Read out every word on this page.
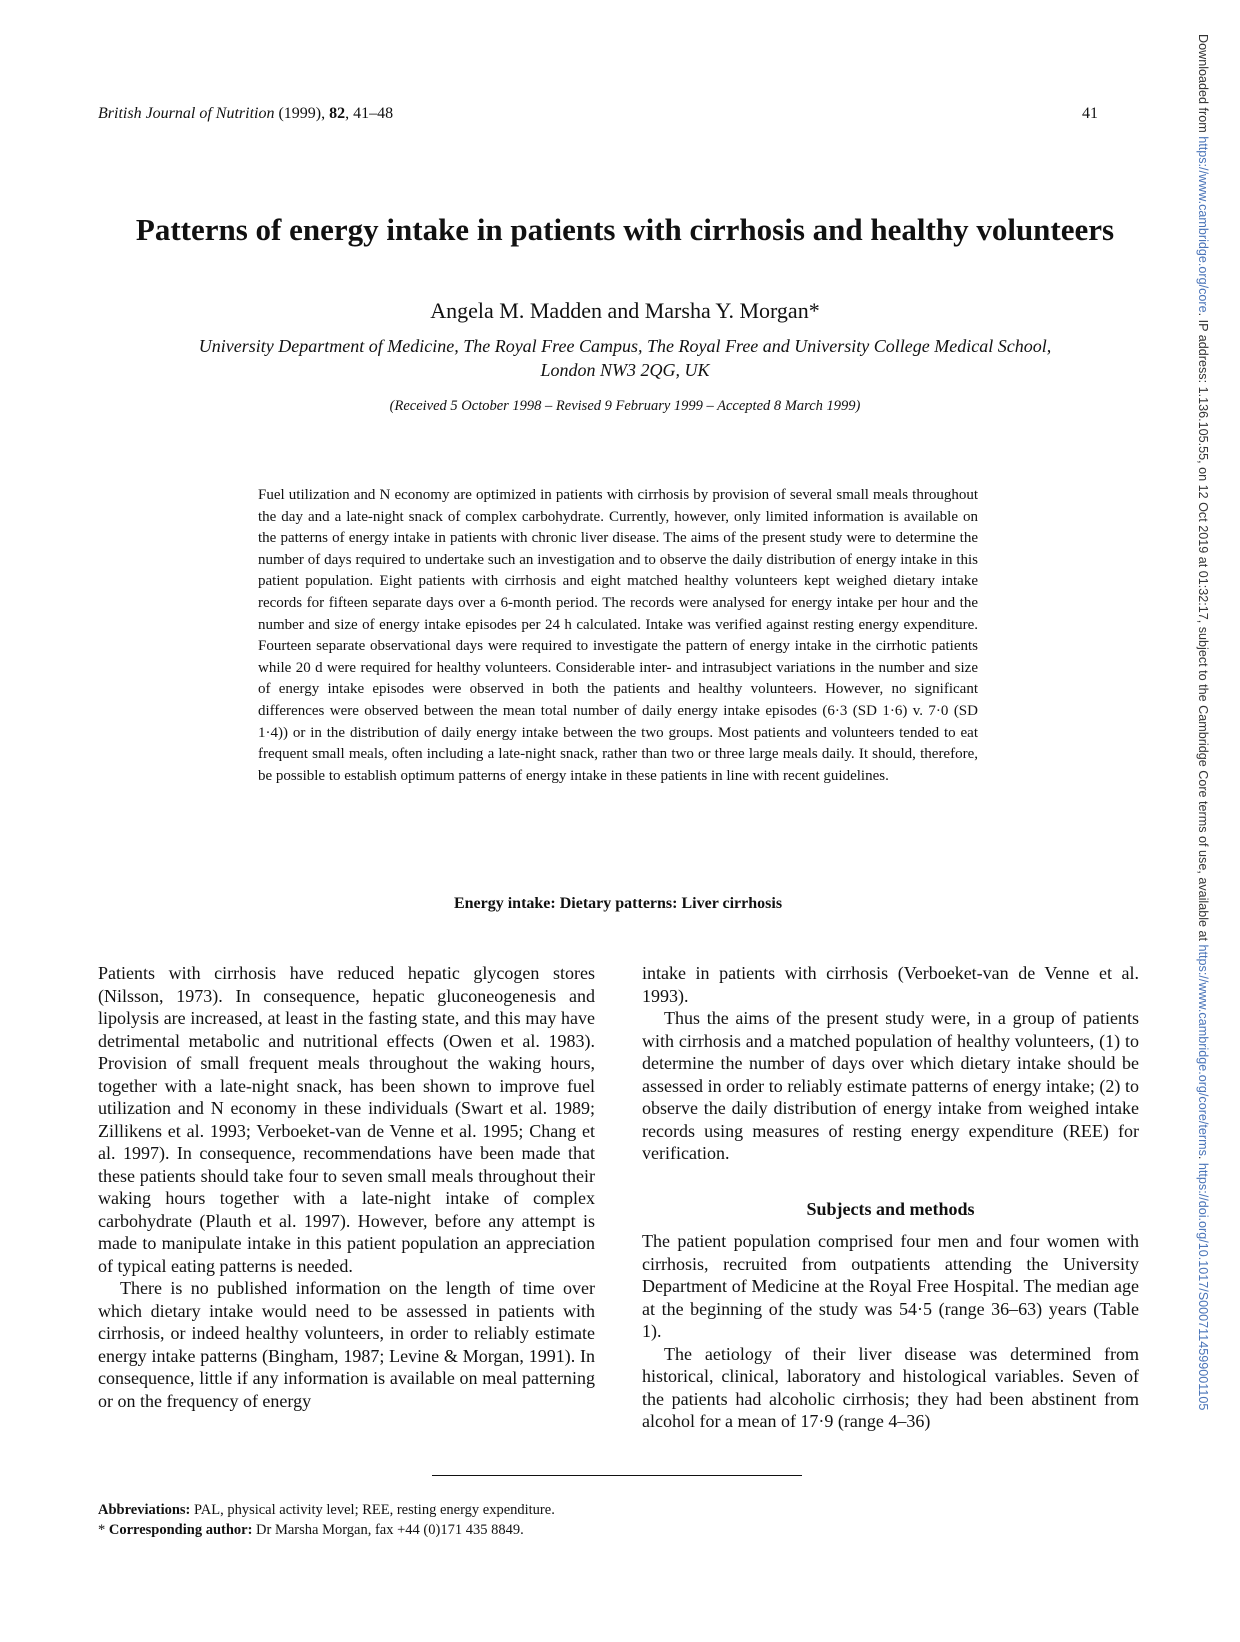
British Journal of Nutrition (1999), 82, 41–48	41
Patterns of energy intake in patients with cirrhosis and healthy volunteers
Angela M. Madden and Marsha Y. Morgan*
University Department of Medicine, The Royal Free Campus, The Royal Free and University College Medical School,
London NW3 2QG, UK
(Received 5 October 1998 – Revised 9 February 1999 – Accepted 8 March 1999)
Fuel utilization and N economy are optimized in patients with cirrhosis by provision of several small meals throughout the day and a late-night snack of complex carbohydrate. Currently, however, only limited information is available on the patterns of energy intake in patients with chronic liver disease. The aims of the present study were to determine the number of days required to undertake such an investigation and to observe the daily distribution of energy intake in this patient population. Eight patients with cirrhosis and eight matched healthy volunteers kept weighed dietary intake records for fifteen separate days over a 6-month period. The records were analysed for energy intake per hour and the number and size of energy intake episodes per 24 h calculated. Intake was verified against resting energy expenditure. Fourteen separate observational days were required to investigate the pattern of energy intake in the cirrhotic patients while 20 d were required for healthy volunteers. Considerable inter- and intrasubject variations in the number and size of energy intake episodes were observed in both the patients and healthy volunteers. However, no significant differences were observed between the mean total number of daily energy intake episodes (6·3 (SD 1·6) v. 7·0 (SD 1·4)) or in the distribution of daily energy intake between the two groups. Most patients and volunteers tended to eat frequent small meals, often including a late-night snack, rather than two or three large meals daily. It should, therefore, be possible to establish optimum patterns of energy intake in these patients in line with recent guidelines.
Energy intake: Dietary patterns: Liver cirrhosis

Patients with cirrhosis have reduced hepatic glycogen stores (Nilsson, 1973). In consequence, hepatic gluconeogenesis and lipolysis are increased, at least in the fasting state, and this may have detrimental metabolic and nutritional effects (Owen et al. 1983). Provision of small frequent meals throughout the waking hours, together with a late-night snack, has been shown to improve fuel utilization and N economy in these individuals (Swart et al. 1989; Zillikens et al. 1993; Verboeket-van de Venne et al. 1995; Chang et al. 1997). In consequence, recommendations have been made that these patients should take four to seven small meals throughout their waking hours together with a late-night intake of complex carbohydrate (Plauth et al. 1997). However, before any attempt is made to manipulate intake in this patient population an appreciation of typical eating patterns is needed.

There is no published information on the length of time over which dietary intake would need to be assessed in patients with cirrhosis, or indeed healthy volunteers, in order to reliably estimate energy intake patterns (Bingham, 1987; Levine & Morgan, 1991). In consequence, little if any information is available on meal patterning or on the frequency of energy

intake in patients with cirrhosis (Verboeket-van de Venne et al. 1993).

Thus the aims of the present study were, in a group of patients with cirrhosis and a matched population of healthy volunteers, (1) to determine the number of days over which dietary intake should be assessed in order to reliably estimate patterns of energy intake; (2) to observe the daily distribution of energy intake from weighed intake records using measures of resting energy expenditure (REE) for verification.

Subjects and methods

The patient population comprised four men and four women with cirrhosis, recruited from outpatients attending the University Department of Medicine at the Royal Free Hospital. The median age at the beginning of the study was 54·5 (range 36–63) years (Table 1).

The aetiology of their liver disease was determined from historical, clinical, laboratory and histological variables. Seven of the patients had alcoholic cirrhosis; they had been abstinent from alcohol for a mean of 17·9 (range 4–36)

Abbreviations: PAL, physical activity level; REE, resting energy expenditure.
* Corresponding author: Dr Marsha Morgan, fax +44 (0)171 435 8849.
Downloaded from https://www.cambridge.org/core. IP address: 1.136.105.55, on 12 Oct 2019 at 01:32:17, subject to the Cambridge Core terms of use, available at https://www.cambridge.org/core/terms. https://doi.org/10.1017/S0007114599001105
